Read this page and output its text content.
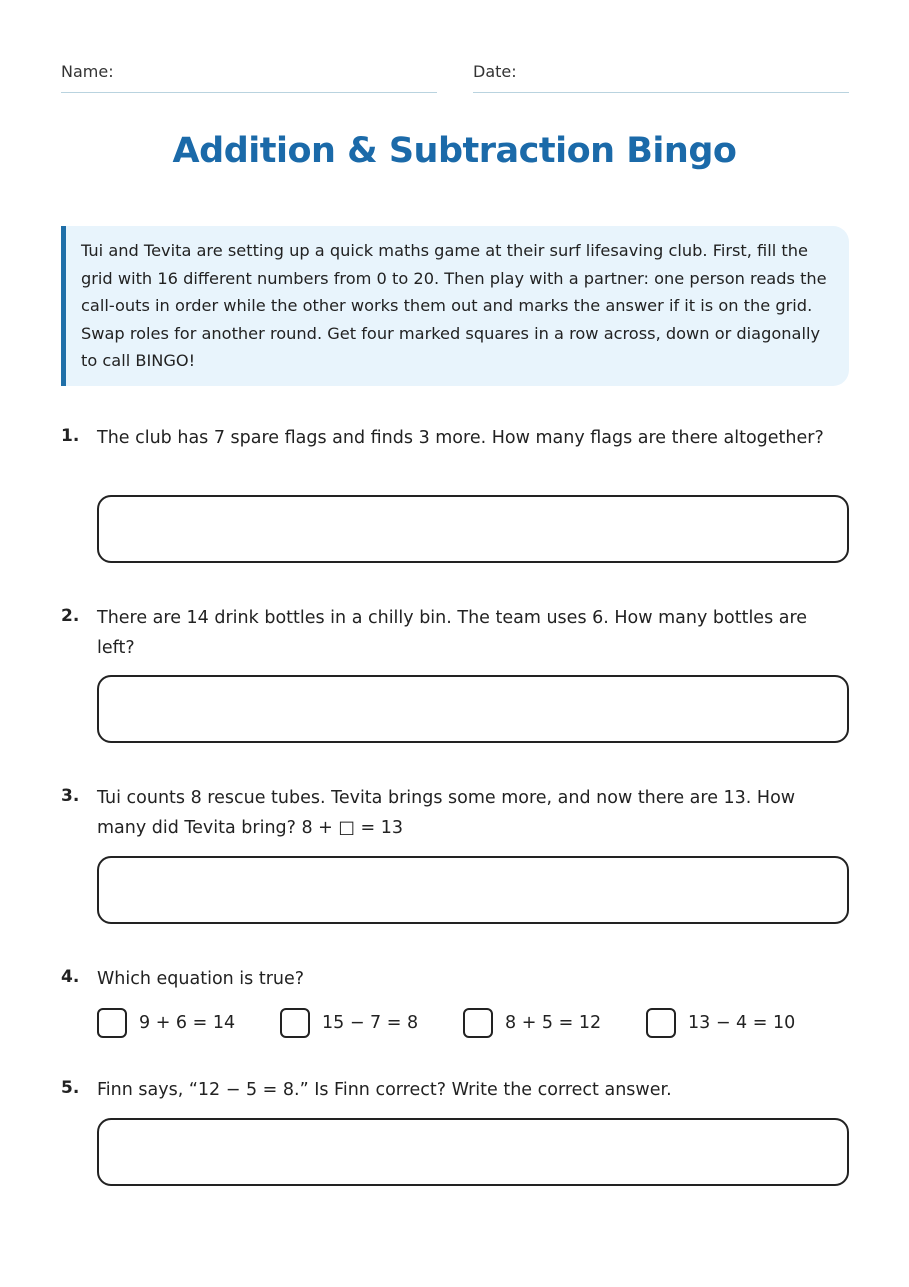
Name:	Date:
Addition & Subtraction Bingo
Tui and Tevita are setting up a quick maths game at their surf lifesaving club. First, fill the grid with 16 different numbers from 0 to 20. Then play with a partner: one person reads the call-outs in order while the other works them out and marks the answer if it is on the grid. Swap roles for another round. Get four marked squares in a row across, down or diagonally to call BINGO!
1. The club has 7 spare flags and finds 3 more. How many flags are there altogether?
2. There are 14 drink bottles in a chilly bin. The team uses 6. How many bottles are left?
3. Tui counts 8 rescue tubes. Tevita brings some more, and now there are 13. How many did Tevita bring? 8 + □ = 13
4. Which equation is true?
9 + 6 = 14	15 − 7 = 8	8 + 5 = 12	13 − 4 = 10
5. Finn says, “12 − 5 = 8.” Is Finn correct? Write the correct answer.
